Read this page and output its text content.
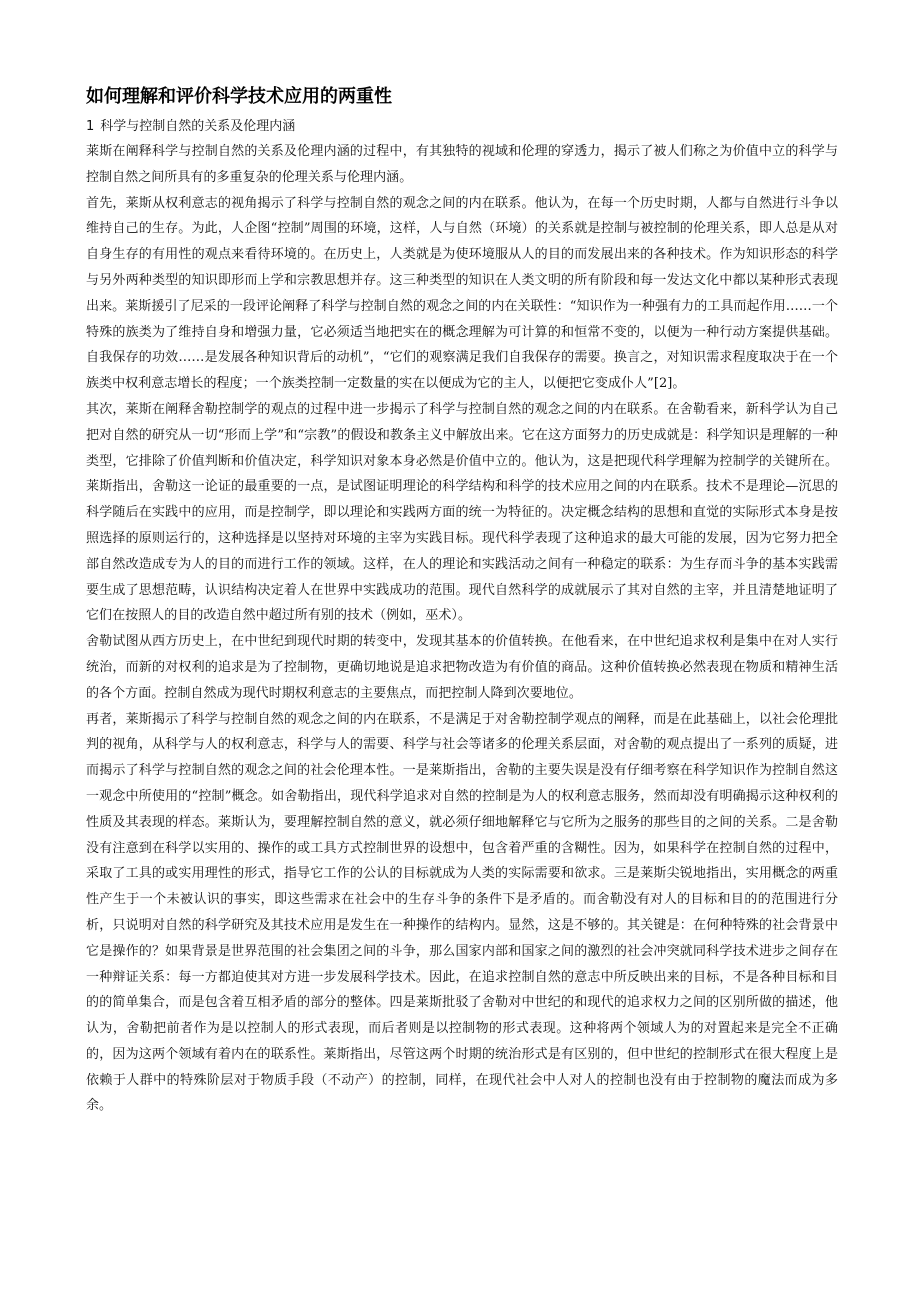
如何理解和评价科学技术应用的两重性
1 科学与控制自然的关系及伦理内涵

莱斯在阐释科学与控制自然的关系及伦理内涵的过程中，有其独特的视域和伦理的穿透力，揭示了被人们称之为价值中立的科学与控制自然之间所具有的多重复杂的伦理关系与伦理内涵。

首先，莱斯从权利意志的视角揭示了科学与控制自然的观念之间的内在联系。他认为，在每一个历史时期，人都与自然进行斗争以维持自己的生存。为此，人企图“控制”周围的环境，这样，人与自然（环境）的关系就是控制与被控制的伦理关系，即人总是从对自身生存的有用性的观点来看待环境的。在历史上，人类就是为使环境服从人的目的而发展出来的各种技术。作为知识形态的科学与另外两种类型的知识即形而上学和宗教思想并存。这三种类型的知识在人类文明的所有阶段和每一发达文化中都以某种形式表现出来。莱斯援引了尼采的一段评论阐释了科学与控制自然的观念之间的内在关联性：“知识作为一种强有力的工具而起作用……一个特殊的族类为了维持自身和增强力量，它必须适当地把实在的概念理解为可计算的和恒常不变的，以便为一种行动方案提供基础。自我保存的功效……是发展各种知识背后的动机”，“它们的观察满足我们自我保存的需要。换言之，对知识需求程度取决于在一个族类中权利意志增长的程度；一个族类控制一定数量的实在以便成为它的主人，以便把它变成仆人”[2]。

其次，莱斯在阐释舍勒控制学的观点的过程中进一步揭示了科学与控制自然的观念之间的内在联系。在舍勒看来，新科学认为自己把对自然的研究从一切“形而上学”和“宗教”的假设和教条主义中解放出来。它在这方面努力的历史成就是：科学知识是理解的一种类型，它排除了价值判断和价值决定，科学知识对象本身必然是价值中立的。他认为，这是把现代科学理解为控制学的关键所在。莱斯指出，舍勒这一论证的最重要的一点，是试图证明理论的科学结构和科学的技术应用之间的内在联系。技术不是理论—沉思的科学随后在实践中的应用，而是控制学，即以理论和实践两方面的统一为特征的。决定概念结构的思想和直觉的实际形式本身是按照选择的原则运行的，这种选择是以坚持对环境的主宰为实践目标。现代科学表现了这种追求的最大可能的发展，因为它努力把全部自然改造成专为人的目的而进行工作的领域。这样，在人的理论和实践活动之间有一种稳定的联系：为生存而斗争的基本实践需要生成了思想范畴，认识结构决定着人在世界中实践成功的范围。现代自然科学的成就展示了其对自然的主宰，并且清楚地证明了它们在按照人的目的改造自然中超过所有别的技术（例如，巫术）。

舍勒试图从西方历史上，在中世纪到现代时期的转变中，发现其基本的价值转换。在他看来，在中世纪追求权利是集中在对人实行统治，而新的对权利的追求是为了控制物，更确切地说是追求把物改造为有价值的商品。这种价值转换必然表现在物质和精神生活的各个方面。控制自然成为现代时期权利意志的主要焦点，而把控制人降到次要地位。

再者，莱斯揭示了科学与控制自然的观念之间的内在联系，不是满足于对舍勒控制学观点的阐释，而是在此基础上，以社会伦理批判的视角，从科学与人的权利意志，科学与人的需要、科学与社会等诸多的伦理关系层面，对舍勒的观点提出了一系列的质疑，进而揭示了科学与控制自然的观念之间的社会伦理本性。一是莱斯指出，舍勒的主要失误是没有仔细考察在科学知识作为控制自然这一观念中所使用的“控制”概念。如舍勒指出，现代科学追求对自然的控制是为人的权利意志服务，然而却没有明确揭示这种权利的性质及其表现的样态。莱斯认为，要理解控制自然的意义，就必须仔细地解释它与它所为之服务的那些目的之间的关系。二是舍勒没有注意到在科学以实用的、操作的或工具方式控制世界的设想中，包含着严重的含糊性。因为，如果科学在控制自然的过程中，采取了工具的或实用理性的形式，指导它工作的公认的目标就成为人类的实际需要和欲求。三是莱斯尖锐地指出，实用概念的两重性产生于一个未被认识的事实，即这些需求在社会中的生存斗争的条件下是矛盾的。而舍勒没有对人的目标和目的的范围进行分析，只说明对自然的科学研究及其技术应用是发生在一种操作的结构内。显然，这是不够的。其关键是：在何种特殊的社会背景中它是操作的？如果背景是世界范围的社会集团之间的斗争，那么国家内部和国家之间的激烈的社会冲突就同科学技术进步之间存在一种辩证关系：每一方都迫使其对方进一步发展科学技术。因此，在追求控制自然的意志中所反映出来的目标，不是各种目标和目的的简单集合，而是包含着互相矛盾的部分的整体。四是莱斯批驳了舍勒对中世纪的和现代的追求权力之间的区别所做的描述，他认为，舍勒把前者作为是以控制人的形式表现，而后者则是以控制物的形式表现。这种将两个领域人为的对置起来是完全不正确的，因为这两个领域有着内在的联系性。莱斯指出，尽管这两个时期的统治形式是有区别的，但中世纪的控制形式在很大程度上是依赖于人群中的特殊阶层对于物质手段（不动产）的控制，同样，在现代社会中人对人的控制也没有由于控制物的魔法而成为多余。
